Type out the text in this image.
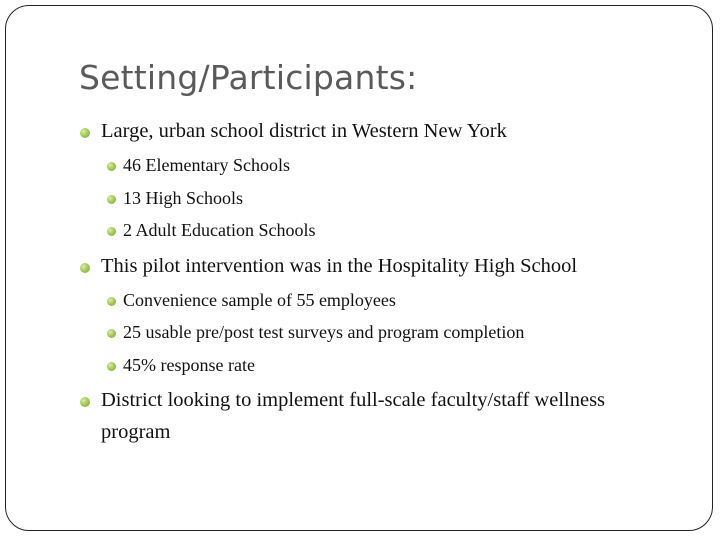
Setting/Participants:
Large, urban school district in Western New York
46 Elementary Schools
13 High Schools
2 Adult Education Schools
This pilot intervention was in the Hospitality High School
Convenience sample of 55 employees
25 usable pre/post test surveys and program completion
45% response rate
District looking to implement full-scale faculty/staff wellness
program
